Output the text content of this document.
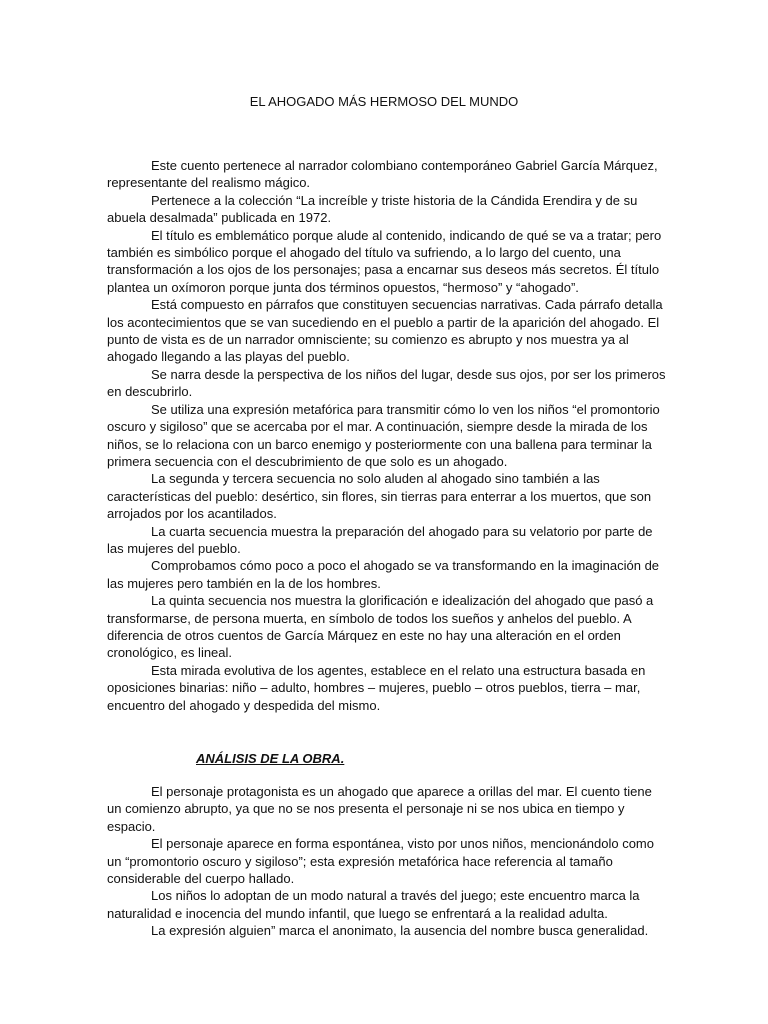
EL AHOGADO MÁS HERMOSO DEL MUNDO

Este cuento pertenece al narrador colombiano contemporáneo Gabriel García Márquez, representante del realismo mágico.

Pertenece a la colección “La increíble y triste historia de la Cándida Erendira y de su abuela desalmada” publicada en 1972.

El título es emblemático porque alude al contenido, indicando de qué se va a tratar; pero también es simbólico porque el ahogado del título va sufriendo, a lo largo del cuento, una transformación a los ojos de los personajes; pasa a encarnar sus deseos más secretos. Él título plantea un oxímoron porque junta dos términos opuestos, “hermoso” y “ahogado”.

Está compuesto en párrafos que constituyen secuencias narrativas. Cada párrafo detalla los acontecimientos que se van sucediendo en el pueblo a partir de la aparición del ahogado. El punto de vista es de un narrador omnisciente; su comienzo es abrupto y nos muestra ya al ahogado llegando a las playas del pueblo.

Se narra desde la perspectiva de los niños del lugar, desde sus ojos, por ser los primeros en descubrirlo.

Se utiliza una expresión metafórica para transmitir cómo lo ven los niños “el promontorio oscuro y sigiloso” que se acercaba por el mar. A continuación, siempre desde la mirada de los niños, se lo relaciona con un barco enemigo y posteriormente con una ballena para terminar la primera secuencia con el descubrimiento de que solo es un ahogado.

La segunda y tercera secuencia no solo aluden al ahogado sino también a las características del pueblo: desértico, sin flores, sin tierras para enterrar a los muertos, que son arrojados por los acantilados.

La cuarta secuencia muestra la preparación del ahogado para su velatorio por parte de las mujeres del pueblo.

Comprobamos cómo poco a poco el ahogado se va transformando en la imaginación de las mujeres pero también en la de los hombres.

La quinta secuencia nos muestra la glorificación e idealización del ahogado que pasó a transformarse, de persona muerta, en símbolo de todos los sueños y anhelos del pueblo. A diferencia de otros cuentos de García Márquez en este no hay una alteración en el orden cronológico, es lineal.

Esta mirada evolutiva de los agentes, establece en el relato una estructura basada en oposiciones binarias: niño – adulto, hombres – mujeres, pueblo – otros pueblos, tierra – mar, encuentro del ahogado y despedida del mismo.

ANÁLISIS DE LA OBRA.

El personaje protagonista es un ahogado que aparece a orillas del mar. El cuento tiene un comienzo abrupto, ya que no se nos presenta el personaje ni se nos ubica en tiempo y espacio.

El personaje aparece en forma espontánea, visto por unos niños, mencionándolo como un “promontorio oscuro y sigiloso”; esta expresión metafórica hace referencia al tamaño considerable del cuerpo hallado.

Los niños lo adoptan de un modo natural a través del juego; este encuentro marca la naturalidad e inocencia del mundo infantil, que luego se enfrentará a la realidad adulta.

La expresión alguien” marca el anonimato, la ausencia del nombre busca generalidad.
